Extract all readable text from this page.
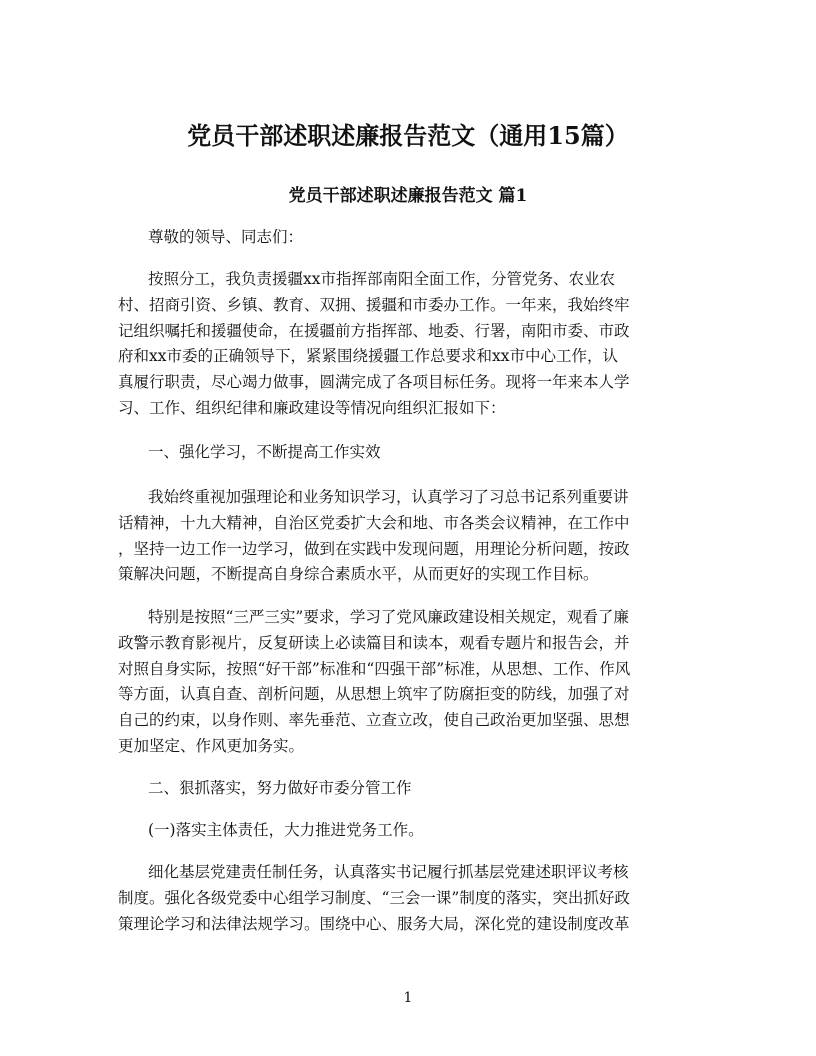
党员干部述职述廉报告范文（通用15篇）
党员干部述职述廉报告范文 篇1
尊敬的领导、同志们：
按照分工，我负责援疆xx市指挥部南阳全面工作，分管党务、农业农
村、招商引资、乡镇、教育、双拥、援疆和市委办工作。一年来，我始终牢
记组织嘱托和援疆使命，在援疆前方指挥部、地委、行署，南阳市委、市政
府和xx市委的正确领导下，紧紧围绕援疆工作总要求和xx市中心工作，认
真履行职责，尽心竭力做事，圆满完成了各项目标任务。现将一年来本人学
习、工作、组织纪律和廉政建设等情况向组织汇报如下：
一、强化学习，不断提高工作实效
我始终重视加强理论和业务知识学习，认真学习了习总书记系列重要讲
话精神，十九大精神，自治区党委扩大会和地、市各类会议精神，在工作中
，坚持一边工作一边学习，做到在实践中发现问题，用理论分析问题，按政
策解决问题，不断提高自身综合素质水平，从而更好的实现工作目标。
特别是按照“三严三实”要求，学习了党风廉政建设相关规定，观看了廉
政警示教育影视片，反复研读上必读篇目和读本，观看专题片和报告会，并
对照自身实际，按照“好干部”标准和“四强干部”标准，从思想、工作、作风
等方面，认真自查、剖析问题，从思想上筑牢了防腐拒变的防线，加强了对
自己的约束，以身作则、率先垂范、立查立改，使自己政治更加坚强、思想
更加坚定、作风更加务实。
二、狠抓落实，努力做好市委分管工作
(一)落实主体责任，大力推进党务工作。
细化基层党建责任制任务，认真落实书记履行抓基层党建述职评议考核
制度。强化各级党委中心组学习制度、“三会一课”制度的落实，突出抓好政
策理论学习和法律法规学习。围绕中心、服务大局，深化党的建设制度改革
1
